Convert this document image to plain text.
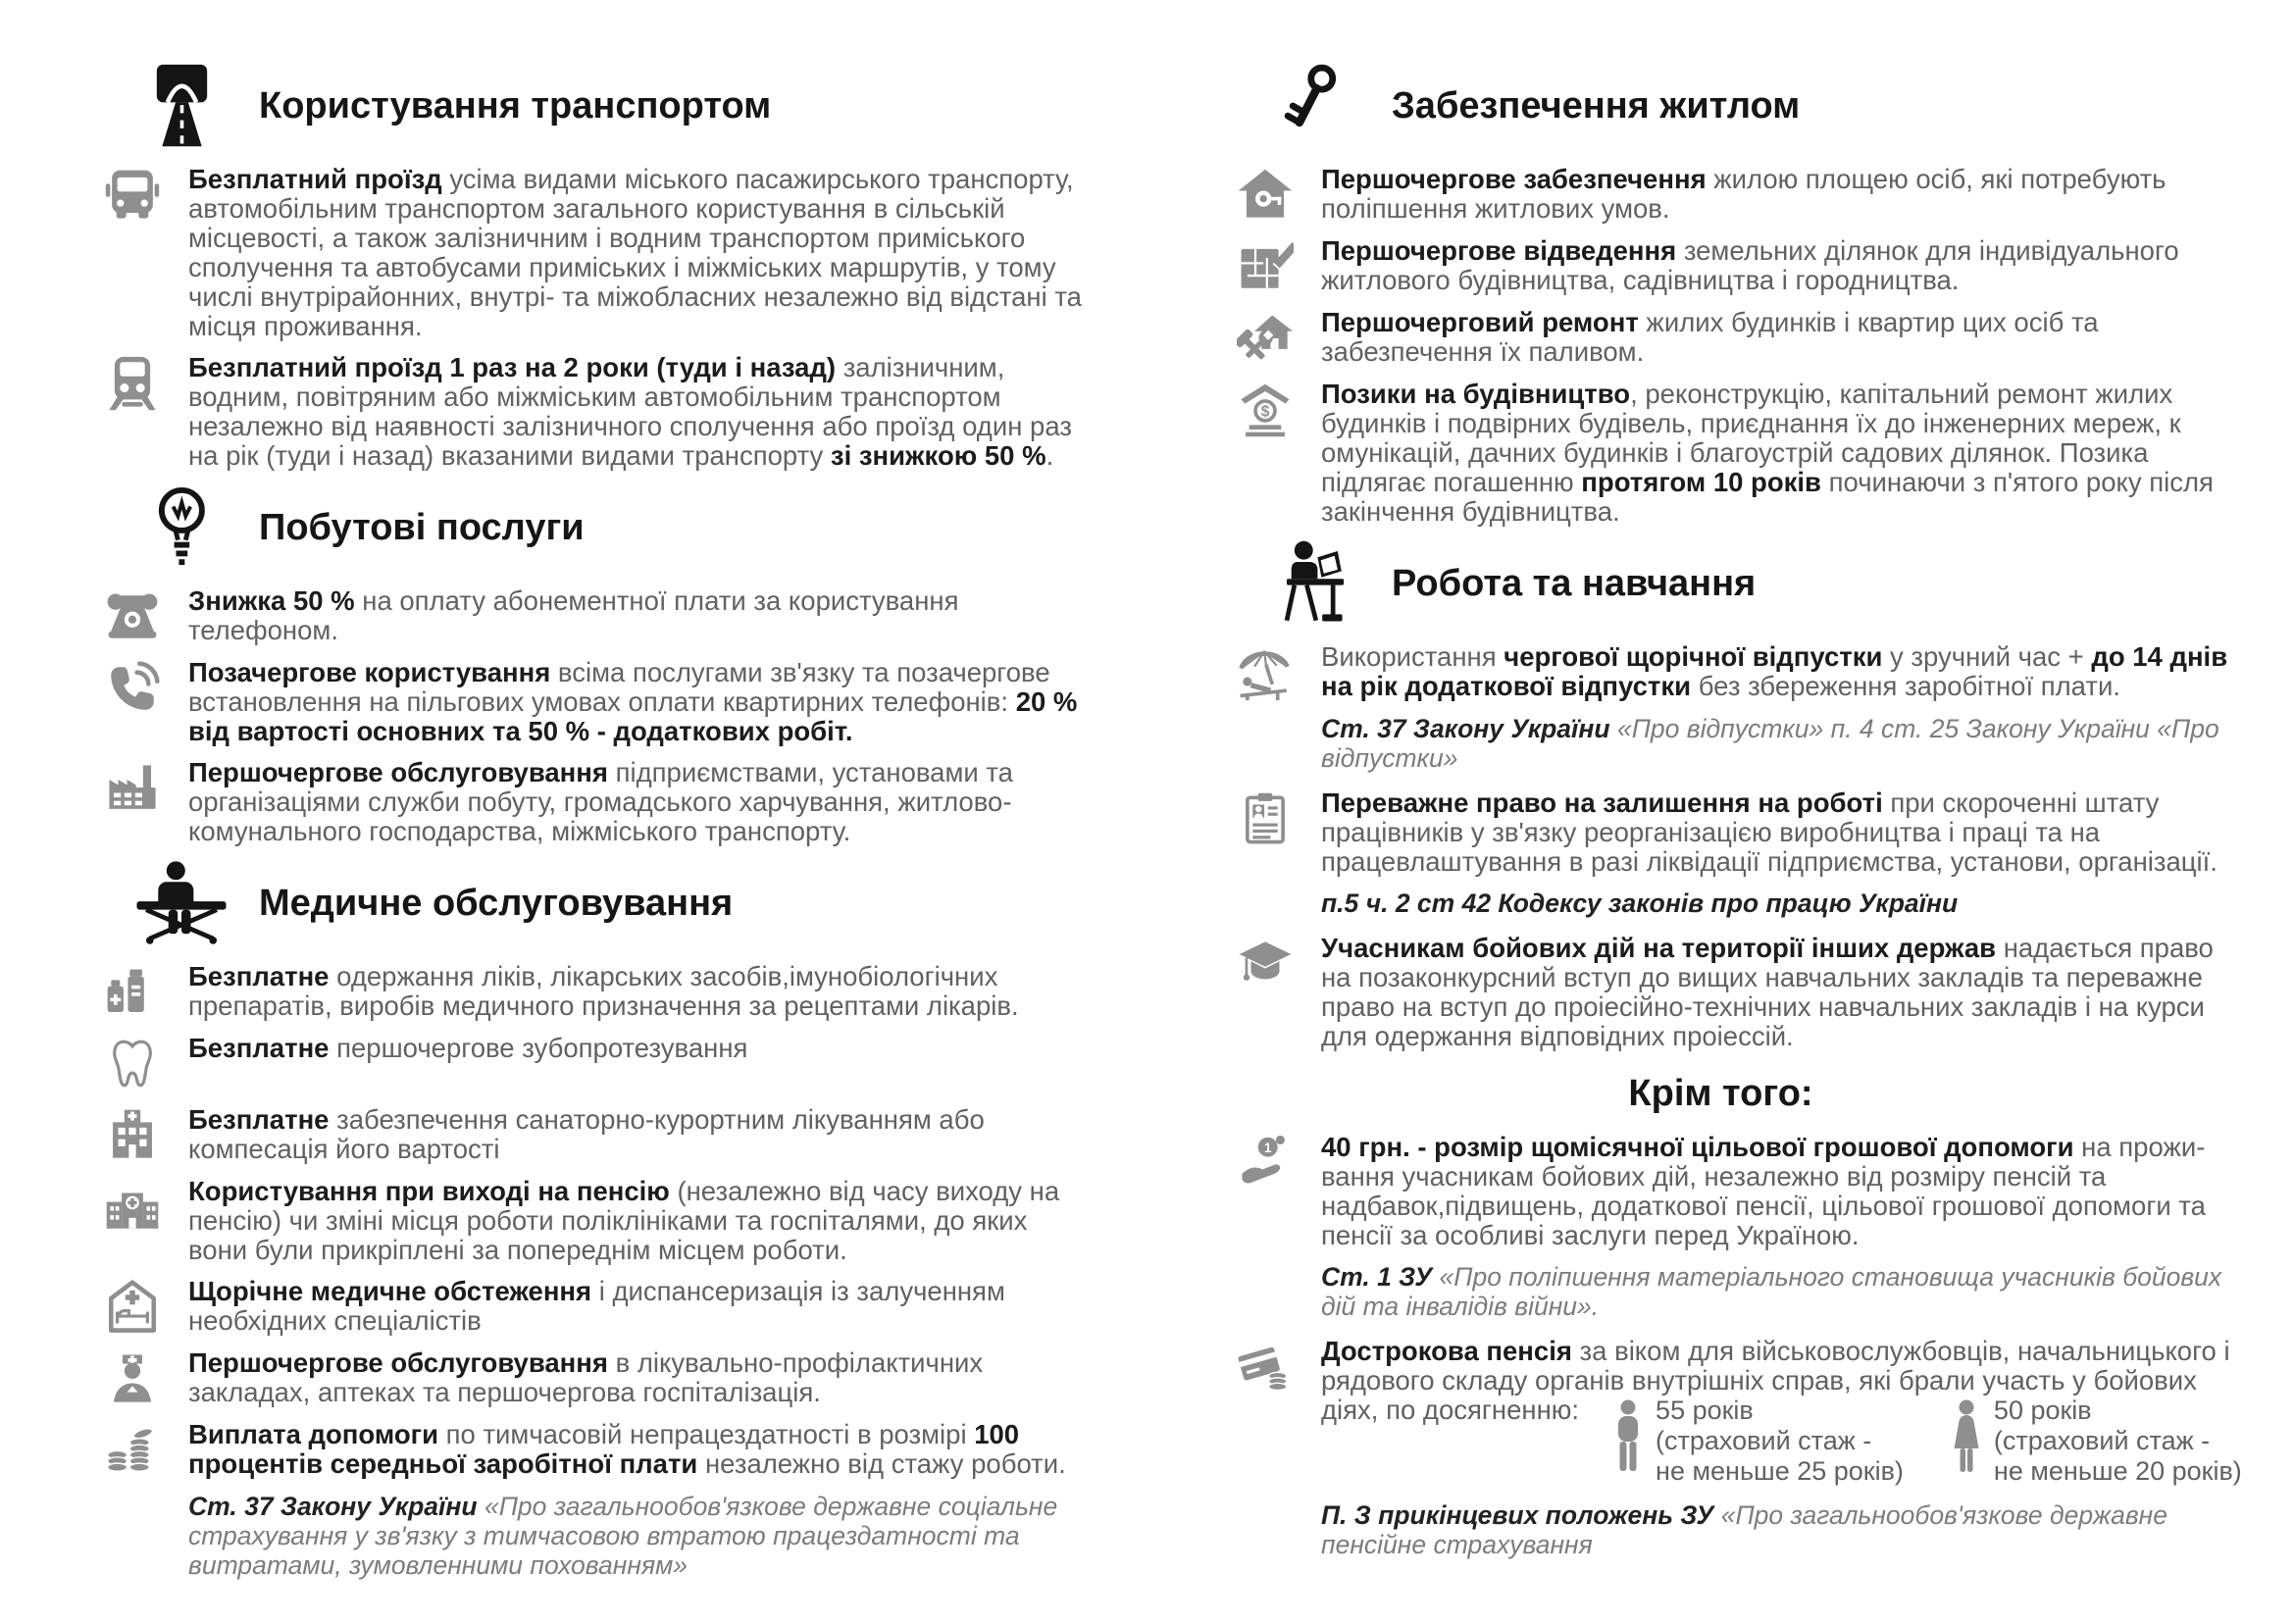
Користування транспортом
Безплатний проїзд усіма видами міського пасажирського транспорту, автомобільним транспортом загального користування в сільській місцевості, а також залізничним і водним транспортом приміського сполучення та автобусами приміських і міжміських маршрутів, у тому числі внутрірайонних, внутрі- та міжобласних незалежно від відстані та місця проживання.
Безплатний проїзд 1 раз на 2 роки (туди і назад) залізничним, водним, повітряним або міжміським автомобільним транспортом незалежно від наявності залізничного сполучення або проїзд один раз на рік (туди і назад) вказаними видами транспорту зі знижкою 50 %.
Побутові послуги
Знижка 50 % на оплату абонементної плати за користування телефоном.
Позачергове користування всіма послугами зв'язку та позачергове встановлення на пільгових умовах оплати квартирних телефонів: 20 % від вартості основних та 50 % - додаткових робіт.
Першочергове обслуговування підприємствами, установами та організаціями служби побуту, громадського харчування, житлово-комунального господарства, міжміського транспорту.
Медичне обслуговування
Безплатне одержання ліків, лікарських засобів,імунобіологічних препаратів, виробів медичного призначення за рецептами лікарів.
Безплатне першочергове зубопротезування
Безплатне забезпечення санаторно-курортним лікуванням або компесація його вартості
Користування при виході на пенсію (незалежно від часу виходу на пенсію) чи зміні місця роботи поліклініками та госпіталями, до яких вони були прикріплені за попереднім місцем роботи.
Щорічне медичне обстеження і диспансеризація із залученням необхідних спеціалістів
Першочергове обслуговування в лікувально-профілактичних закладах, аптеках та першочергова госпіталізація.
Виплата допомоги по тимчасовій непрацездатності в розмірі 100 процентів середньої заробітної плати незалежно від стажу роботи.
Ст. 37 Закону України «Про загальнообов'язкове державне соціальне страхування у зв'язку з тимчасовою втратою працездатності та витратами, зумовленними похованням»
Забезпечення житлом
Першочергове забезпечення жилою площею осіб, які потребують поліпшення житлових умов.
Першочергове відведення земельних ділянок для індивідуального житлового будівництва, садівництва і городництва.
Першочерговий ремонт жилих будинків і квартир цих осіб та забезпечення їх паливом.
$
Позики на будівництво, реконструкцію, капітальний ремонт жилих будинків і подвірних будівель, приєднання їх до інженерних мереж, к омунікацій, дачних будинків і благоустрій садових ділянок. Позика підлягає погашенню протягом 10 років починаючи з п'ятого року після закінчення будівництва.
Робота та навчання
Використання чергової щорічної відпустки у зручний час + до 14 днів на рік додаткової відпустки без збереження заробітної плати.
Ст. 37 Закону України «Про відпустки» п. 4 ст. 25 Закону України «Про відпустки»
Переважне право на залишення на роботі при скороченні штату працівників у зв'язку реорганізацією виробництва і праці та на працевлаштування в разі ліквідації підприємства, установи, організації.
п.5 ч. 2 ст 42 Кодексу законів про працю України
Учасникам бойових дій на території інших держав надається право на позаконкурсний вступ до вищих навчальних закладів та переважне право на вступ до проіесійно-технічних навчальних закладів і на курси для одержання відповідних проіессій.
Крім того:
1 40 грн. - розмір щомісячної цільової грошової допомоги на прожи-вання учасникам бойових дій, незалежно від розміру пенсій та надбавок,підвищень, додаткової пенсії, цільової грошової допомоги та пенсії за особливі заслуги перед Україною.
Ст. 1 ЗУ «Про поліпшення матеріального становища учасників бойових дій та інвалідів війни».
Дострокова пенсія за віком для військовослужбовців, начальницького і рядового складу органів внутрішніх справ, які брали участь у бойових
діях, по досягненню:	55 років
(страховий стаж -
не меньше 25 років)
50 років
(страховий стаж -
не меньше 20 років)
П. З прикінцевих положень ЗУ «Про загальнообов'язкове державне пенсійне страхування
